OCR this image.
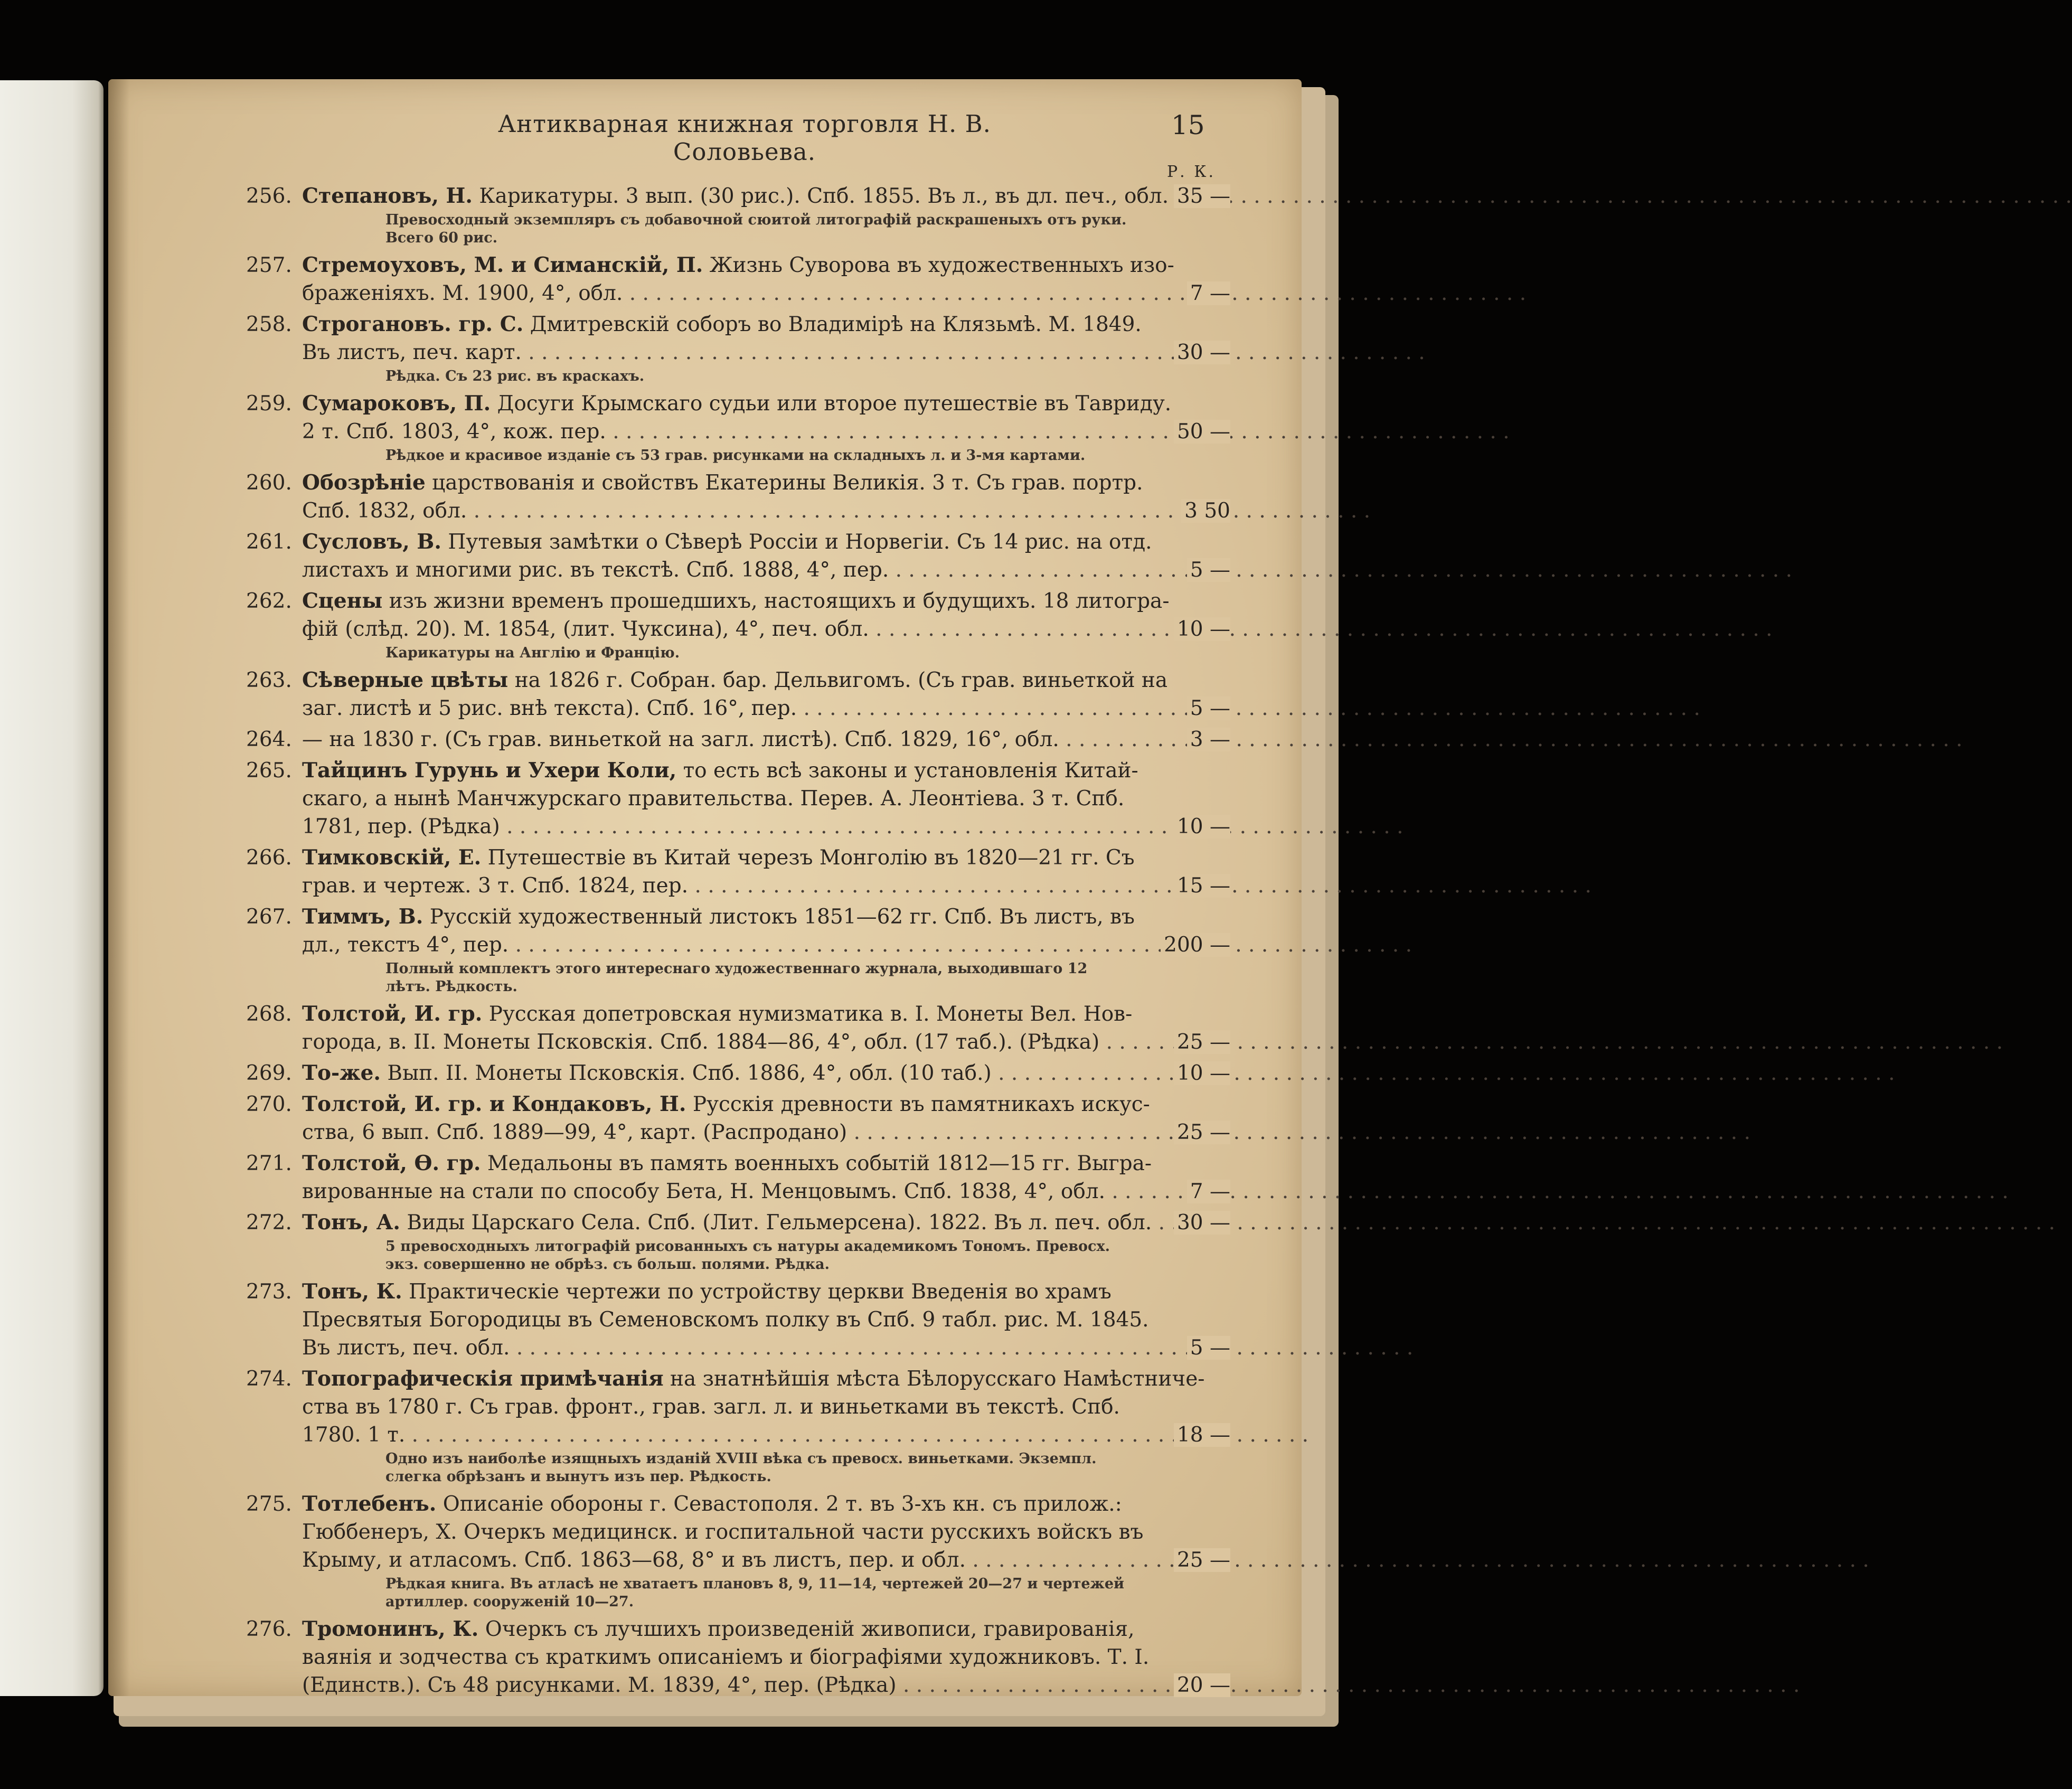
Антикварная книжная торговля Н. В. Соловьева.
15
Р. К.
256. Степановъ, Н. Карикатуры. 3 вып. (30 рис.). Спб. 1855. Въ л., въ дл. печ., обл. . . . 35 —
Превосходный экземпляръ съ добавочной сюитой литографій раскрашеныхъ отъ руки. Всего 60 рис.
257. Стремоуховъ, М. и Симанскій, П. Жизнь Суворова въ художественныхъ изо-
браженіяхъ. М. 1900, 4°, обл. . . .	7 —
258. Строгановъ. гр. С. Дмитревскій соборъ во Владимірѣ на Клязьмѣ. М. 1849.
Въ листъ, печ. карт. . . .	30 —
Рѣдка. Съ 23 рис. въ краскахъ.
259. Сумароковъ, П. Досуги Крымскаго судьи или второе путешествіе въ Тавриду.
2 т. Спб. 1803, 4°, кож. пер. . . .	50 —
Рѣдкое и красивое изданіе съ 53 грав. рисунками на складныхъ л. и 3-мя картами.
260. Обозрѣніе царствованія и свойствъ Екатерины Великія. 3 т. Съ грав. портр.
Спб. 1832, обл. . . .	3 50
261. Сусловъ, В. Путевыя замѣтки о Сѣверѣ Россіи и Норвегіи. Съ 14 рис. на отд.
листахъ и многими рис. въ текстѣ. Спб. 1888, 4°, пер. . . .	5 —
262. Сцены изъ жизни временъ прошедшихъ, настоящихъ и будущихъ. 18 литогра-
фій (слѣд. 20). М. 1854, (лит. Чуксина), 4°, печ. обл. . . .	10 —
Карикатуры на Англію и Францію.
263. Сѣверные цвѣты на 1826 г. Собран. бар. Дельвигомъ. (Съ грав. виньеткой на
заг. листѣ и 5 рис. внѣ текста). Спб. 16°, пер. . . .	5 —
264. — на 1830 г. (Съ грав. виньеткой на загл. листѣ). Спб. 1829, 16°, обл. . . .	3 —
265. Тайцинъ Гурунь и Ухери Коли, то есть всѣ законы и установленія Китай-
скаго, а нынѣ Манчжурскаго правительства. Перев. А. Леонтіева. 3 т. Спб.
1781, пер. (Рѣдка) . . .	10 —
266. Тимковскій, Е. Путешествіе въ Китай черезъ Монголію въ 1820—21 гг. Съ
грав. и чертеж. 3 т. Спб. 1824, пер. . . .	15 —
267. Тиммъ, В. Русскій художественный листокъ 1851—62 гг. Спб. Въ листъ, въ
дл., текстъ 4°, пер. . . .	200 —
Полный комплектъ этого интереснаго художественнаго журнала, выходившаго 12 лѣтъ. Рѣдкость.
268. Толстой, И. гр. Русская допетровская нумизматика в. I. Монеты Вел. Нов-
города, в. II. Монеты Псковскія. Спб. 1884—86, 4°, обл. (17 таб.). (Рѣдка) . . .	25 —
269. То-же. Вып. II. Монеты Псковскія. Спб. 1886, 4°, обл. (10 таб.) . . .	10 —
270. Толстой, И. гр. и Кондаковъ, Н. Русскія древности въ памятникахъ искус-
ства, 6 вып. Спб. 1889—99, 4°, карт. (Распродано) . . .	25 —
271. Толстой, Ѳ. гр. Медальоны въ память военныхъ событій 1812—15 гг. Выгра-
вированные на стали по способу Бета, Н. Менцовымъ. Спб. 1838, 4°, обл. . . .	7 —
272. Тонъ, А. Виды Царскаго Села. Спб. (Лит. Гельмерсена). 1822. Въ л. печ. обл. . . .	30 —
5 превосходныхъ литографій рисованныхъ съ натуры академикомъ Тономъ. Превосх. экз. совершенно не обрѣз. съ больш. полями. Рѣдка.
273. Тонъ, К. Практическіе чертежи по устройству церкви Введенія во храмъ
Пресвятыя Богородицы въ Семеновскомъ полку въ Спб. 9 табл. рис. М. 1845.
Въ листъ, печ. обл. . . .	5 —
274. Топографическія примѣчанія на знатнѣйшія мѣста Бѣлорусскаго Намѣстниче-
ства въ 1780 г. Съ грав. фронт., грав. загл. л. и виньетками въ текстѣ. Спб.
1780. 1 т. . . .	18 —
Одно изъ наиболѣе изящныхъ изданій XVIII вѣка съ превосх. виньетками. Экземпл. слегка обрѣзанъ и вынутъ изъ пер. Рѣдкость.
275. Тотлебенъ. Описаніе обороны г. Севастополя. 2 т. въ 3-хъ кн. съ прилож.:
Гюббенеръ, Х. Очеркъ медицинск. и госпитальной части русскихъ войскъ въ
Крыму, и атласомъ. Спб. 1863—68, 8° и въ листъ, пер. и обл. . . .	25 —
Рѣдкая книга. Въ атласѣ не хватаетъ плановъ 8, 9, 11—14, чертежей 20—27 и чертежей артиллер. сооруженій 10—27.
276. Тромонинъ, К. Очеркъ съ лучшихъ произведеній живописи, гравированія,
ваянія и зодчества съ краткимъ описаніемъ и біографіями художниковъ. Т. I.
(Единств.). Съ 48 рисунками. М. 1839, 4°, пер. (Рѣдка) . . .	20 —
